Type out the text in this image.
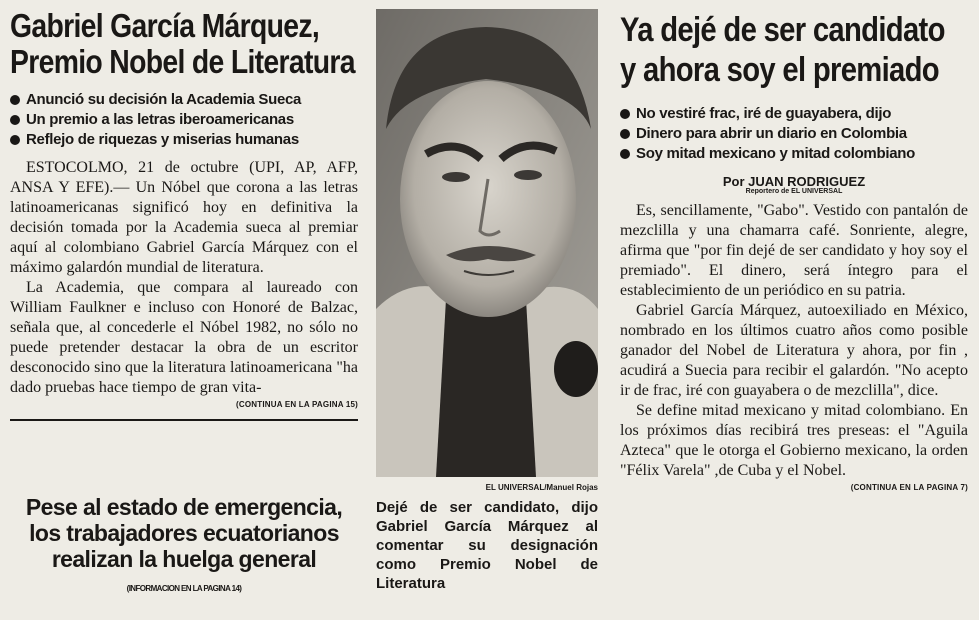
Gabriel García Márquez,
Premio Nobel de Literatura
Anunció su decisión la Academia Sueca
Un premio a las letras iberoamericanas
Reflejo de riquezas y miserias humanas

ESTOCOLMO, 21 de octubre (UPI, AP, AFP, ANSA Y EFE).— Un Nóbel que corona a las letras latinoamericanas significó hoy en definitiva la decisión tomada por la Academia sueca al premiar aquí al colombiano Gabriel García Márquez con el máximo galardón mundial de literatura.

La Academia, que compara al laureado con William Faulkner e incluso con Honoré de Balzac, señala que, al concederle el Nóbel 1982, no sólo no puede pretender destacar la obra de un escritor desconocido sino que la literatura latinoamericana "ha dado pruebas hace tiempo de gran vita-

(CONTINUA EN LA PAGINA 15)
Pese al estado de emergencia,
los trabajadores ecuatorianos
realizan la huelga general
(INFORMACION EN LA PAGINA 14)
EL UNIVERSAL/Manuel Rojas
Dejé de ser candidato, dijo Gabriel García Márquez al comentar su designación como Premio Nobel de Literatura
Ya dejé de ser candidato
y ahora soy el premiado
No vestiré frac, iré de guayabera, dijo
Dinero para abrir un diario en Colombia
Soy mitad mexicano y mitad colombiano
Por JUAN RODRIGUEZ
Reportero de EL UNIVERSAL

Es, sencillamente, "Gabo". Vestido con pantalón de mezclilla y una chamarra café. Sonriente, alegre, afirma que "por fin dejé de ser candidato y hoy soy el premiado". El dinero, será íntegro para el establecimiento de un periódico en su patria.

Gabriel García Márquez, autoexiliado en México, nombrado en los últimos cuatro años como posible ganador del Nobel de Literatura y ahora, por fin , acudirá a Suecia para recibir el galardón. "No acepto ir de frac, iré con guayabera o de mezclilla", dice.

Se define mitad mexicano y mitad colombiano. En los próximos días recibirá tres preseas: el "Aguila Azteca" que le otorga el Gobierno mexicano, la orden "Félix Varela" ,de Cuba y el Nobel.

(CONTINUA EN LA PAGINA 7)
